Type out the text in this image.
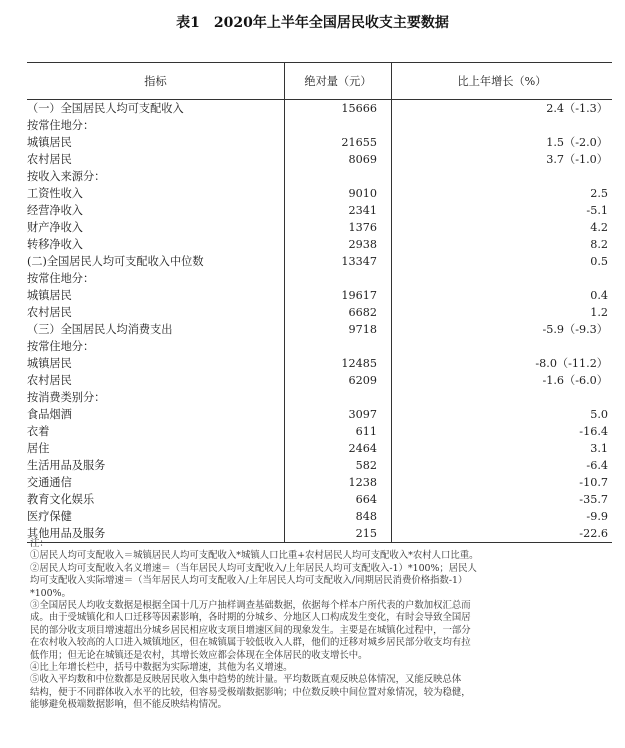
表1 2020年上半年全国居民收支主要数据
指标	绝对量（元）	比上年增长（%）
（一）全国居民人均可支配收入	15666	2.4（-1.3）
按常住地分：		
城镇居民	21655	1.5（-2.0）
农村居民	8069	3.7（-1.0）
按收入来源分：		
工资性收入	9010	2.5
经营净收入	2341	-5.1
财产净收入	1376	4.2
转移净收入	2938	8.2
(二)全国居民人均可支配收入中位数	13347	0.5
按常住地分：		
城镇居民	19617	0.4
农村居民	6682	1.2
（三）全国居民人均消费支出	9718	-5.9（-9.3）
按常住地分：		
城镇居民	12485	-8.0（-11.2）
农村居民	6209	-1.6（-6.0）
按消费类别分：		
食品烟酒	3097	5.0
衣着	611	-16.4
居住	2464	3.1
生活用品及服务	582	-6.4
交通通信	1238	-10.7
教育文化娱乐	664	-35.7
医疗保健	848	-9.9
其他用品及服务	215	-22.6

注：

①居民人均可支配收入＝城镇居民人均可支配收入*城镇人口比重+农村居民人均可支配收入*农村人口比重。

②居民人均可支配收入名义增速＝（当年居民人均可支配收入/上年居民人均可支配收入-1）*100%；居民人

均可支配收入实际增速＝（当年居民人均可支配收入/上年居民人均可支配收入/同期居民消费价格指数-1）

*100%。

③全国居民人均收支数据是根据全国十几万户抽样调查基础数据，依据每个样本户所代表的户数加权汇总而

成。由于受城镇化和人口迁移等因素影响，各时期的分城乡、分地区人口构成发生变化，有时会导致全国居

民的部分收支项目增速超出分城乡居民相应收支项目增速区间的现象发生。主要是在城镇化过程中，一部分

在农村收入较高的人口进入城镇地区，但在城镇属于较低收入人群，他们的迁移对城乡居民部分收支均有拉

低作用；但无论在城镇还是农村，其增长效应都会体现在全体居民的收支增长中。

④比上年增长栏中，括号中数据为实际增速，其他为名义增速。

⑤收入平均数和中位数都是反映居民收入集中趋势的统计量。平均数既直观反映总体情况，又能反映总体

结构，便于不同群体收入水平的比较，但容易受极端数据影响；中位数反映中间位置对象情况，较为稳健，

能够避免极端数据影响，但不能反映结构情况。
